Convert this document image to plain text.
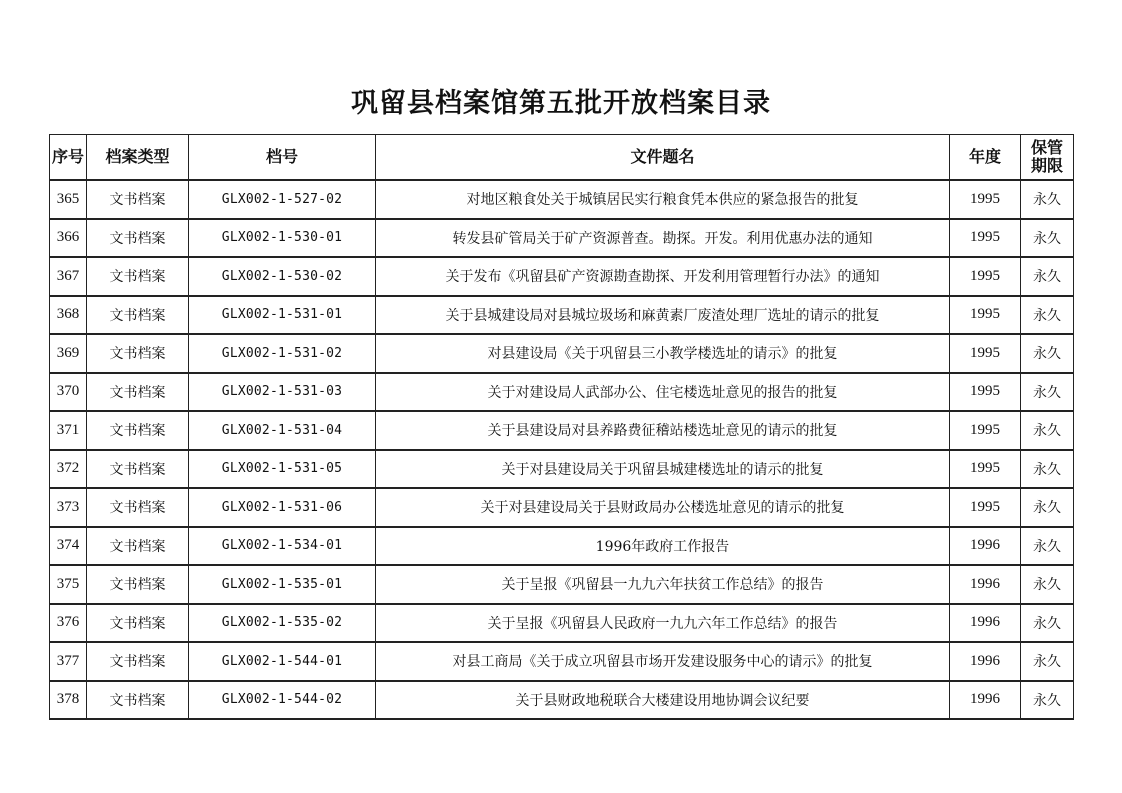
巩留县档案馆第五批开放档案目录
序号	档案类型	档号	文件题名	年度	保管
期限

365	文书档案	GLX002-1-527-02	对地区粮食处关于城镇居民实行粮食凭本供应的紧急报告的批复	1995	永久
366	文书档案	GLX002-1-530-01	转发县矿管局关于矿产资源普查。勘探。开发。利用优惠办法的通知	1995	永久
367	文书档案	GLX002-1-530-02	关于发布《巩留县矿产资源勘查勘探、开发利用管理暂行办法》的通知	1995	永久
368	文书档案	GLX002-1-531-01	关于县城建设局对县城垃圾场和麻黄素厂废渣处理厂选址的请示的批复	1995	永久
369	文书档案	GLX002-1-531-02	对县建设局《关于巩留县三小教学楼选址的请示》的批复	1995	永久
370	文书档案	GLX002-1-531-03	关于对建设局人武部办公、住宅楼选址意见的报告的批复	1995	永久
371	文书档案	GLX002-1-531-04	关于县建设局对县养路费征稽站楼选址意见的请示的批复	1995	永久
372	文书档案	GLX002-1-531-05	关于对县建设局关于巩留县城建楼选址的请示的批复	1995	永久
373	文书档案	GLX002-1-531-06	关于对县建设局关于县财政局办公楼选址意见的请示的批复	1995	永久
374	文书档案	GLX002-1-534-01	1996年政府工作报告	1996	永久
375	文书档案	GLX002-1-535-01	关于呈报《巩留县一九九六年扶贫工作总结》的报告	1996	永久
376	文书档案	GLX002-1-535-02	关于呈报《巩留县人民政府一九九六年工作总结》的报告	1996	永久
377	文书档案	GLX002-1-544-01	对县工商局《关于成立巩留县市场开发建设服务中心的请示》的批复	1996	永久
378	文书档案	GLX002-1-544-02	关于县财政地税联合大楼建设用地协调会议纪要	1996	永久
